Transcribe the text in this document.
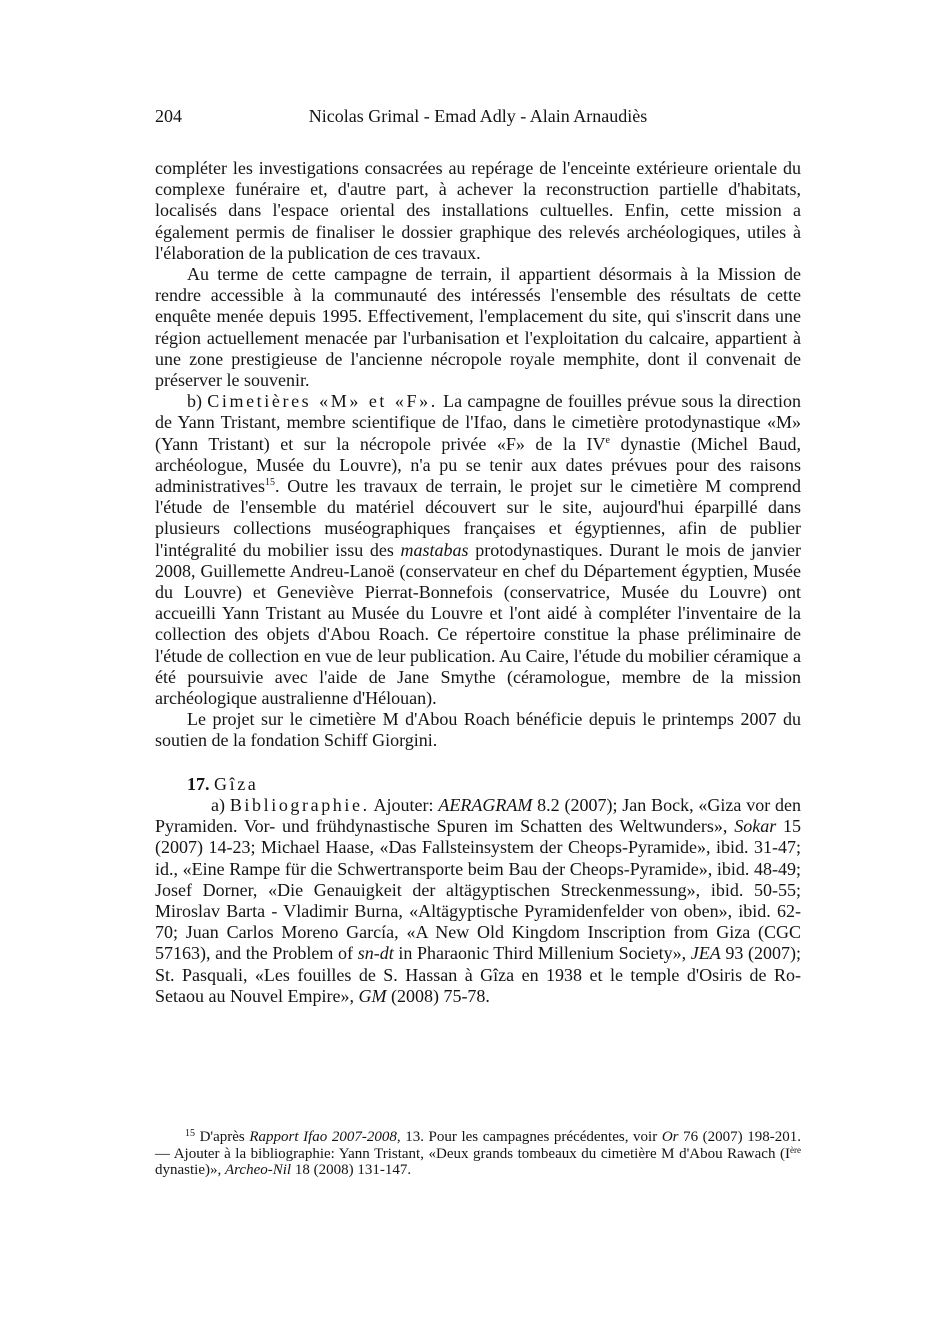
204	Nicolas Grimal - Emad Adly - Alain Arnaudiès

compléter les investigations consacrées au repérage de l'enceinte extérieure orientale du complexe funéraire et, d'autre part, à achever la reconstruction partielle d'habitats, localisés dans l'espace oriental des installations cultuelles. Enfin, cette mission a également permis de finaliser le dossier graphique des relevés archéologiques, utiles à l'élaboration de la publication de ces travaux.

Au terme de cette campagne de terrain, il appartient désormais à la Mission de rendre accessible à la communauté des intéressés l'ensemble des résultats de cette enquête menée depuis 1995. Effectivement, l'emplacement du site, qui s'inscrit dans une région actuellement menacée par l'urbanisation et l'exploitation du calcaire, appartient à une zone prestigieuse de l'ancienne nécropole royale memphite, dont il convenait de préserver le souvenir.

b) Cimetières «M» et «F». La campagne de fouilles prévue sous la direction de Yann Tristant, membre scientifique de l'Ifao, dans le cimetière protodynastique «M» (Yann Tristant) et sur la nécropole privée «F» de la IVe dynastie (Michel Baud, archéologue, Musée du Louvre), n'a pu se tenir aux dates prévues pour des raisons administratives$^{15}$. Outre les travaux de terrain, le projet sur le cimetière M comprend l'étude de l'ensemble du matériel découvert sur le site, aujourd'hui éparpillé dans plusieurs collections muséographiques françaises et égyptiennes, afin de publier l'intégralité du mobilier issu des mastabas protodynastiques. Durant le mois de janvier 2008, Guillemette Andreu-Lanoë (conservateur en chef du Département égyptien, Musée du Louvre) et Geneviève Pierrat-Bonnefois (conservatrice, Musée du Louvre) ont accueilli Yann Tristant au Musée du Louvre et l'ont aidé à compléter l'inventaire de la collection des objets d'Abou Roach. Ce répertoire constitue la phase préliminaire de l'étude de collection en vue de leur publication. Au Caire, l'étude du mobilier céramique a été poursuivie avec l'aide de Jane Smythe (céramologue, membre de la mission archéologique australienne d'Hélouan).

Le projet sur le cimetière M d'Abou Roach bénéficie depuis le printemps 2007 du soutien de la fondation Schiff Giorgini.

17. Gîza

a) Bibliographie. Ajouter: AERAGRAM 8.2 (2007); Jan Bock, «Giza vor den Pyramiden. Vor- und frühdynastische Spuren im Schatten des Weltwunders», Sokar 15 (2007) 14-23; Michael Haase, «Das Fallsteinsystem der Cheops-Pyramide», ibid. 31-47; id., «Eine Rampe für die Schwertransporte beim Bau der Cheops-Pyramide», ibid. 48-49; Josef Dorner, «Die Genauigkeit der altägyptischen Streckenmessung», ibid. 50-55; Miroslav Barta - Vladimir Burna, «Altägyptische Pyramidenfelder von oben», ibid. 62-70; Juan Carlos Moreno García, «A New Old Kingdom Inscription from Giza (CGC 57163), and the Problem of sn-dt in Pharaonic Third Millenium Society», JEA 93 (2007); St. Pasquali, «Les fouilles de S. Hassan à Gîza en 1938 et le temple d'Osiris de Ro-Setaou au Nouvel Empire», GM (2008) 75-78.

$^{15}$ D'après Rapport Ifao 2007-2008, 13. Pour les campagnes précédentes, voir Or 76 (2007) 198-201. — Ajouter à la bibliographie: Yann Tristant, «Deux grands tombeaux du cimetière M d'Abou Rawach (Ière dynastie)», Archeo-Nil 18 (2008) 131-147.
